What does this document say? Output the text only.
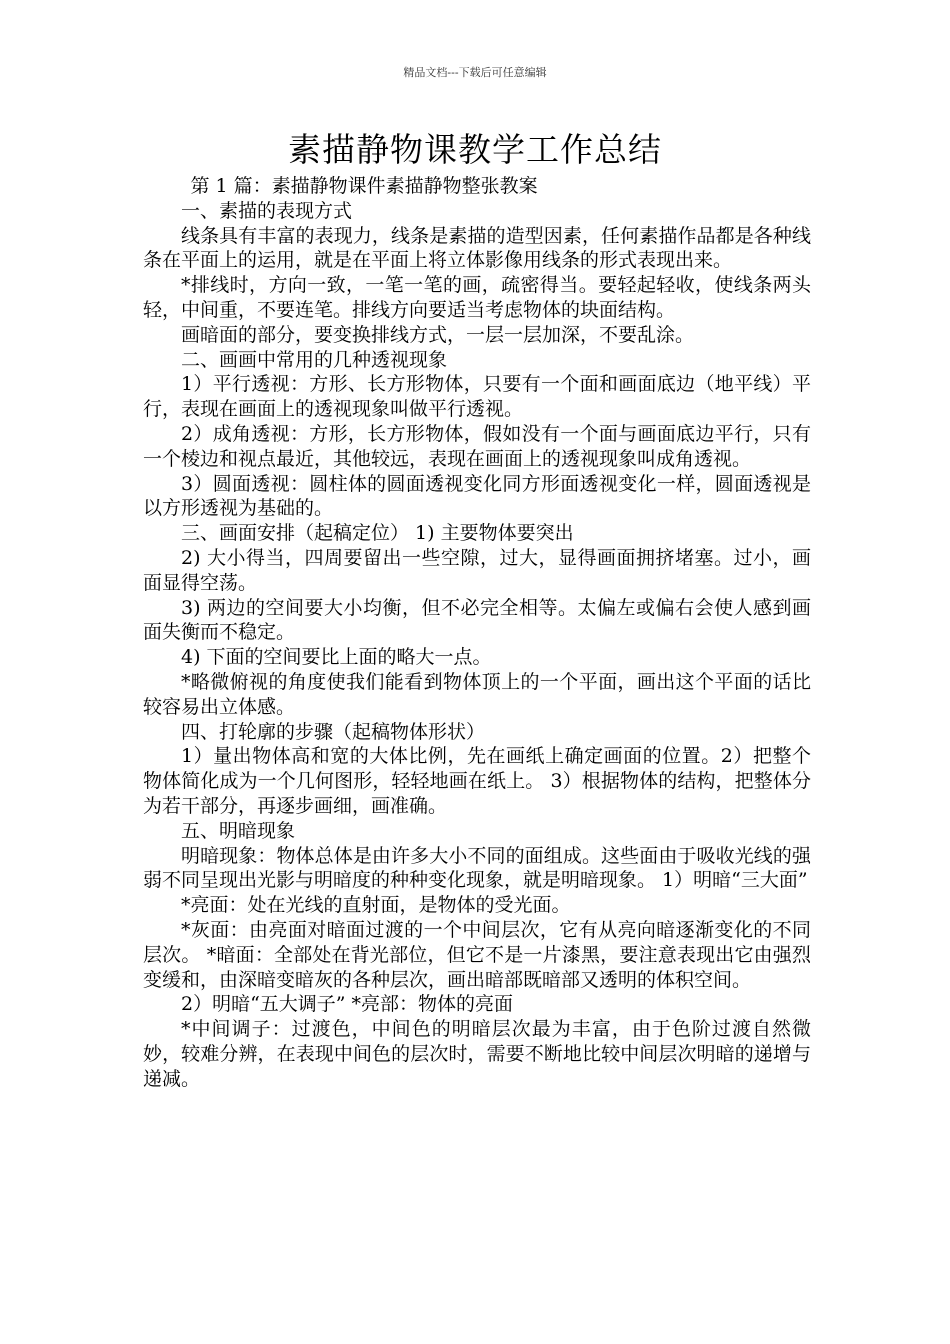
精品文档---下载后可任意编辑
素描静物课教学工作总结

第 1 篇：素描静物课件素描静物整张教案

一、素描的表现方式

线条具有丰富的表现力，线条是素描的造型因素，任何素描作品都是各种线条在平面上的运用，就是在平面上将立体影像用线条的形式表现出来。

*排线时，方向一致，一笔一笔的画，疏密得当。要轻起轻收，使线条两头轻，中间重，不要连笔。排线方向要适当考虑物体的块面结构。

画暗面的部分，要变换排线方式，一层一层加深，不要乱涂。

二、画画中常用的几种透视现象

1）平行透视：方形、长方形物体，只要有一个面和画面底边（地平线）平行，表现在画面上的透视现象叫做平行透视。

2）成角透视：方形，长方形物体，假如没有一个面与画面底边平行，只有一个棱边和视点最近，其他较远，表现在画面上的透视现象叫成角透视。

3）圆面透视：圆柱体的圆面透视变化同方形面透视变化一样，圆面透视是以方形透视为基础的。

三、画面安排（起稿定位） 1) 主要物体要突出

2) 大小得当，四周要留出一些空隙，过大，显得画面拥挤堵塞。过小，画面显得空荡。

3) 两边的空间要大小均衡，但不必完全相等。太偏左或偏右会使人感到画面失衡而不稳定。

4) 下面的空间要比上面的略大一点。

*略微俯视的角度使我们能看到物体顶上的一个平面，画出这个平面的话比较容易出立体感。

四、打轮廓的步骤（起稿物体形状）

1）量出物体高和宽的大体比例，先在画纸上确定画面的位置。2）把整个物体简化成为一个几何图形，轻轻地画在纸上。 3）根据物体的结构，把整体分为若干部分，再逐步画细，画准确。

五、明暗现象

明暗现象：物体总体是由许多大小不同的面组成。这些面由于吸收光线的强弱不同呈现出光影与明暗度的种种变化现象，就是明暗现象。 1）明暗“三大面”

*亮面：处在光线的直射面，是物体的受光面。

*灰面：由亮面对暗面过渡的一个中间层次，它有从亮向暗逐渐变化的不同层次。 *暗面：全部处在背光部位，但它不是一片漆黑，要注意表现出它由强烈变缓和，由深暗变暗灰的各种层次，画出暗部既暗部又透明的体积空间。

2）明暗“五大调子” *亮部：物体的亮面

*中间调子：过渡色，中间色的明暗层次最为丰富，由于色阶过渡自然微妙，较难分辨，在表现中间色的层次时，需要不断地比较中间层次明暗的递增与递减。
